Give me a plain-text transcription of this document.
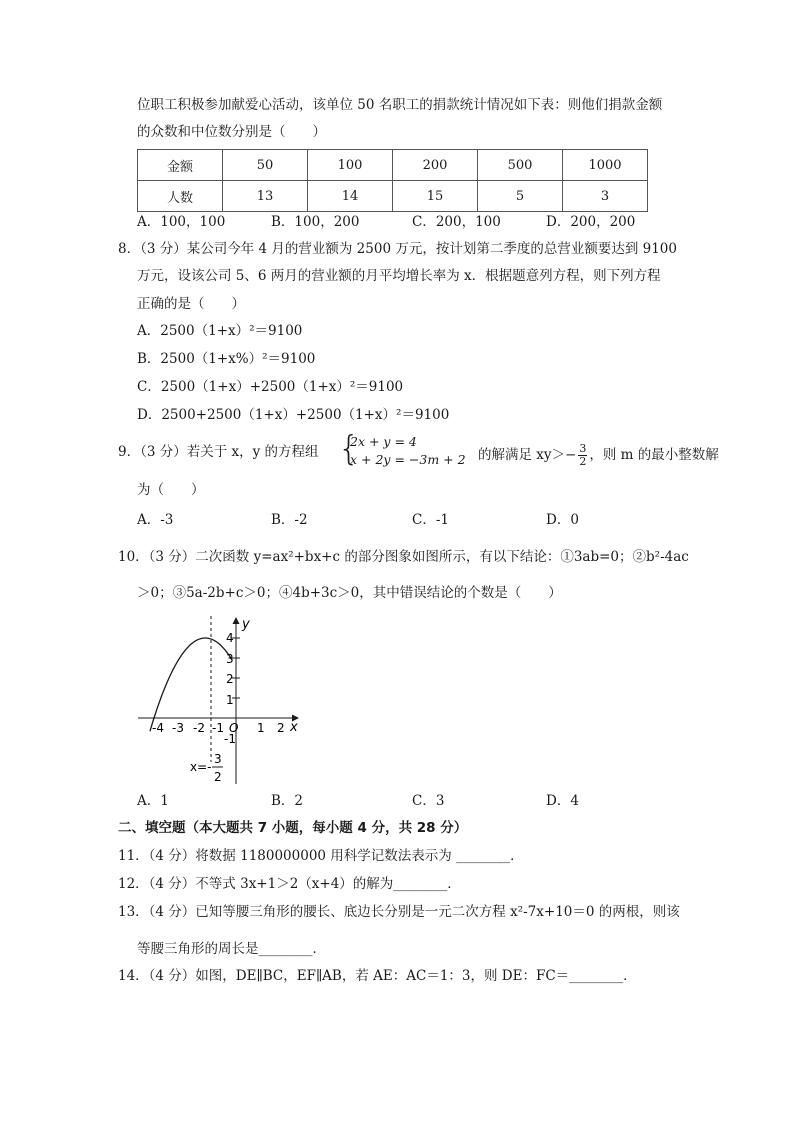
位职工积极参加献爱心活动，该单位 50 名职工的捐款统计情况如下表：则他们捐款金额
的众数和中位数分别是（　　）
金额	50	100	200	500	1000
人数	13	14	15	5	3
A．100，100	B．100，200	C．200，100	D．200，200
8．（3 分）某公司今年 4 月的营业额为 2500 万元，按计划第二季度的总营业额要达到 9100
万元，设该公司 5、6 两月的营业额的月平均增长率为 x．根据题意列方程，则下列方程
正确的是（　　）
A．2500（1+x）²＝9100
B．2500（1+x%）²＝9100
C．2500（1+x）+2500（1+x）²＝9100
D．2500+2500（1+x）+2500（1+x）²＝9100
9．（3 分）若关于 x，y 的方程组 {
2x + y = 4
x + 2y = −3m + 2 的解满足 $xy>- \frac{3}{2}$ ，则 m 的最小整数解
为（　　）
A．-3	B．-2	C．-1	D．0
10．（3 分）二次函数 y=ax²+bx+c 的部分图象如图所示，有以下结论：①3ab=0；②b²-4ac
＞0；③5a-2b+c＞0；④4b+3c＞0，其中错误结论的个数是（　　）
y
x
O
-4 -3 -2 -1	1 2
4
3
2
1
-1
x=-
3
2
A．1	B．2	C．3	D．4
二、填空题（本大题共 7 小题，每小题 4 分，共 28 分）
11．（4 分）将数据 1180000000 用科学记数法表示为 ________．
12．（4 分）不等式 3x+1＞2（x+4）的解为________．
13．（4 分）已知等腰三角形的腰长、底边长分别是一元二次方程 x²-7x+10＝0 的两根，则该
等腰三角形的周长是________．
14．（4 分）如图，DE∥BC，EF∥AB，若 AE：AC＝1：3，则 DE：FC＝________．
